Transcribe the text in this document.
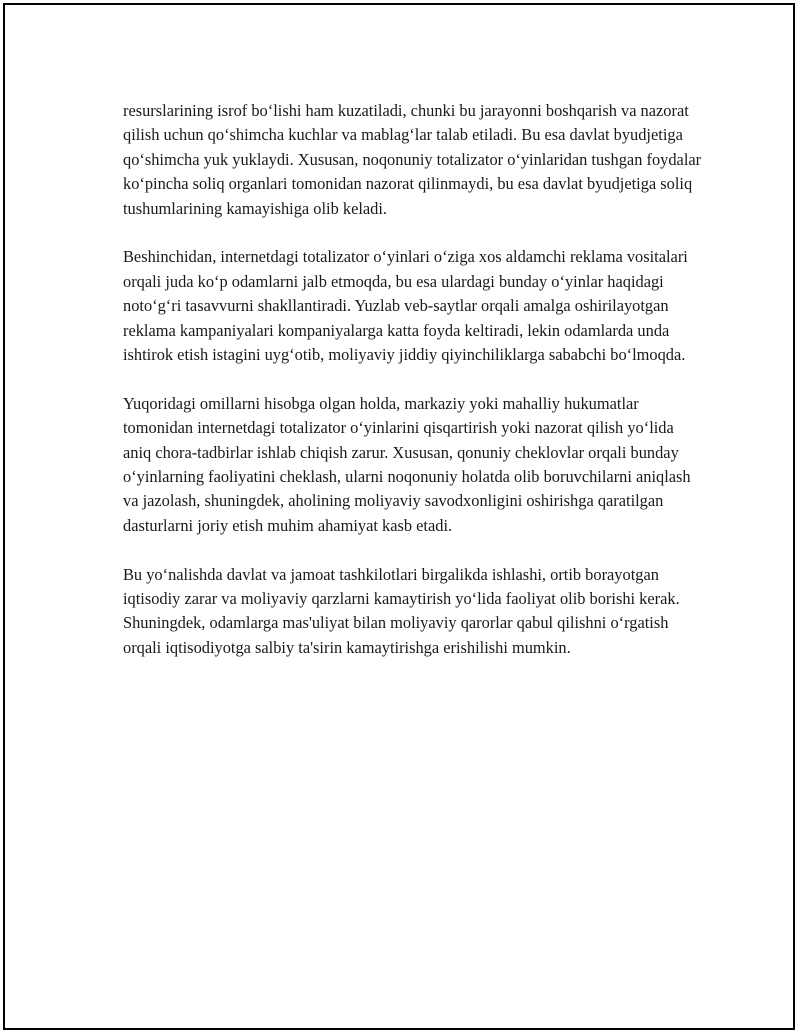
resurslarining isrof bo‘lishi ham kuzatiladi, chunki bu jarayonni boshqarish va nazorat qilish uchun qo‘shimcha kuchlar va mablag‘lar talab etiladi. Bu esa davlat byudjetiga qo‘shimcha yuk yuklaydi. Xususan, noqonuniy totalizator o‘yinlaridan tushgan foydalar ko‘pincha soliq organlari tomonidan nazorat qilinmaydi, bu esa davlat byudjetiga soliq tushumlarining kamayishiga olib keladi.

Beshinchidan, internetdagi totalizator o‘yinlari o‘ziga xos aldamchi reklama vositalari orqali juda ko‘p odamlarni jalb etmoqda, bu esa ulardagi bunday o‘yinlar haqidagi noto‘g‘ri tasavvurni shakllantiradi. Yuzlab veb-saytlar orqali amalga oshirilayotgan reklama kampaniyalari kompaniyalarga katta foyda keltiradi, lekin odamlarda unda ishtirok etish istagini uyg‘otib, moliyaviy jiddiy qiyinchiliklarga sababchi bo‘lmoqda.

Yuqoridagi omillarni hisobga olgan holda, markaziy yoki mahalliy hukumatlar tomonidan internetdagi totalizator o‘yinlarini qisqartirish yoki nazorat qilish yo‘lida aniq chora-tadbirlar ishlab chiqish zarur. Xususan, qonuniy cheklovlar orqali bunday o‘yinlarning faoliyatini cheklash, ularni noqonuniy holatda olib boruvchilarni aniqlash va jazolash, shuningdek, aholining moliyaviy savodxonligini oshirishga qaratilgan dasturlarni joriy etish muhim ahamiyat kasb etadi.

Bu yo‘nalishda davlat va jamoat tashkilotlari birgalikda ishlashi, ortib borayotgan iqtisodiy zarar va moliyaviy qarzlarni kamaytirish yo‘lida faoliyat olib borishi kerak. Shuningdek, odamlarga mas'uliyat bilan moliyaviy qarorlar qabul qilishni o‘rgatish orqali iqtisodiyotga salbiy ta'sirin kamaytirishga erishilishi mumkin.
